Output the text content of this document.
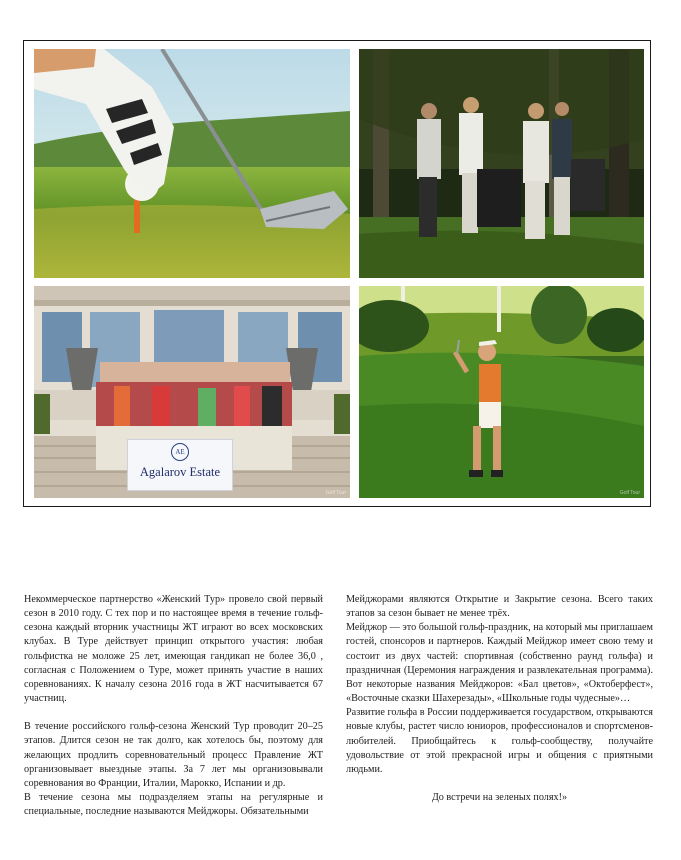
AE
Agalarov Estate
Golf Tour	Golf Tour

Некоммерческое партнерство «Женский Тур» провело свой первый сезон в 2010 году. С тех пор и по настоящее время в течение гольф-сезона каждый вторник участницы ЖТ играют во всех московских клубах. В Туре действует принцип открытого участия: любая гольфистка не моложе 25 лет, имеющая гандикап не более 36,0 , согласная с Положением о Туре, может принять участие в наших соревнованиях. К началу сезона 2016 года в ЖТ насчитывается 67 участниц.

В течение российского гольф-сезона Женский Тур проводит 20–25 этапов. Длится сезон не так долго, как хотелось бы, поэтому для желающих продлить соревновательный процесс Правление ЖТ организовывает выездные этапы. За 7 лет мы организовывали соревнования во Франции, Италии, Марокко, Испании и др.

В течение сезона мы подразделяем этапы на регулярные и специальные, последние называются Мейджоры. Обязательными

Мейджорами являются Открытие и Закрытие сезона. Всего таких этапов за сезон бывает не менее трёх.

Мейджор — это большой гольф-праздник, на который мы приглашаем гостей, спонсоров и партнеров. Каждый Мейджор имеет свою тему и состоит из двух частей: спортивная (собственно раунд гольфа) и праздничная (Церемония награждения и развлекательная программа). Вот некоторые названия Мейджоров: «Бал цветов», «Октоберфест», «Восточные сказки Шахерезады», «Школьные годы чудесные»…

Развитие гольфа в России поддерживается государством, открываются новые клубы, растет число юниоров, профессионалов и спортсменов-любителей. Приобщайтесь к гольф-сообществу, получайте удовольствие от этой прекрасной игры и общения с приятными людьми.

До встречи на зеленых полях!»
